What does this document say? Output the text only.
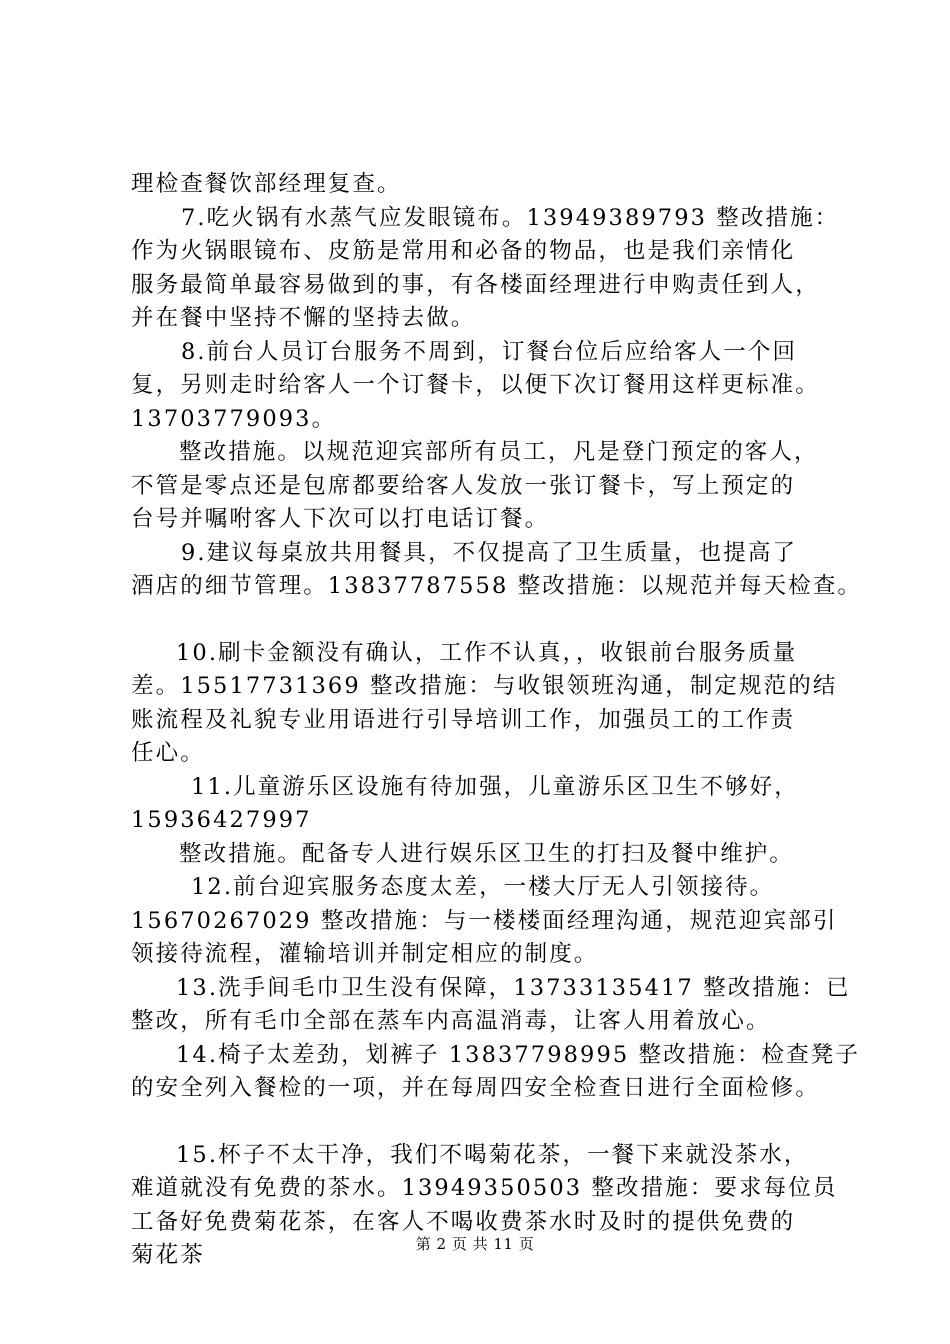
理检查餐饮部经理复查。
7.吃火锅有水蒸气应发眼镜布。13949389793 整改措施：
作为火锅眼镜布、皮筋是常用和必备的物品，也是我们亲情化
服务最简单最容易做到的事，有各楼面经理进行申购责任到人，
并在餐中坚持不懈的坚持去做。
8.前台人员订台服务不周到，订餐台位后应给客人一个回
复，另则走时给客人一个订餐卡，以便下次订餐用这样更标准。
13703779093。
整改措施。以规范迎宾部所有员工，凡是登门预定的客人，
不管是零点还是包席都要给客人发放一张订餐卡，写上预定的
台号并嘱咐客人下次可以打电话订餐。
9.建议每桌放共用餐具，不仅提高了卫生质量，也提高了
酒店的细节管理。13837787558 整改措施：以规范并每天检查。
10.刷卡金额没有确认，工作不认真，，收银前台服务质量
差。15517731369 整改措施：与收银领班沟通，制定规范的结
账流程及礼貌专业用语进行引导培训工作，加强员工的工作责
任心。
11.儿童游乐区设施有待加强，儿童游乐区卫生不够好，
15936427997
整改措施。配备专人进行娱乐区卫生的打扫及餐中维护。
12.前台迎宾服务态度太差，一楼大厅无人引领接待。
15670267029 整改措施：与一楼楼面经理沟通，规范迎宾部引
领接待流程，灌输培训并制定相应的制度。
13.洗手间毛巾卫生没有保障，13733135417 整改措施：已
整改，所有毛巾全部在蒸车内高温消毒，让客人用着放心。
14.椅子太差劲，划裤子 13837798995 整改措施：检查凳子
的安全列入餐检的一项，并在每周四安全检查日进行全面检修。
15.杯子不太干净，我们不喝菊花茶，一餐下来就没茶水，
难道就没有免费的茶水。13949350503 整改措施：要求每位员
工备好免费菊花茶，在客人不喝收费茶水时及时的提供免费的
菊花茶	第 2 页 共 11 页
